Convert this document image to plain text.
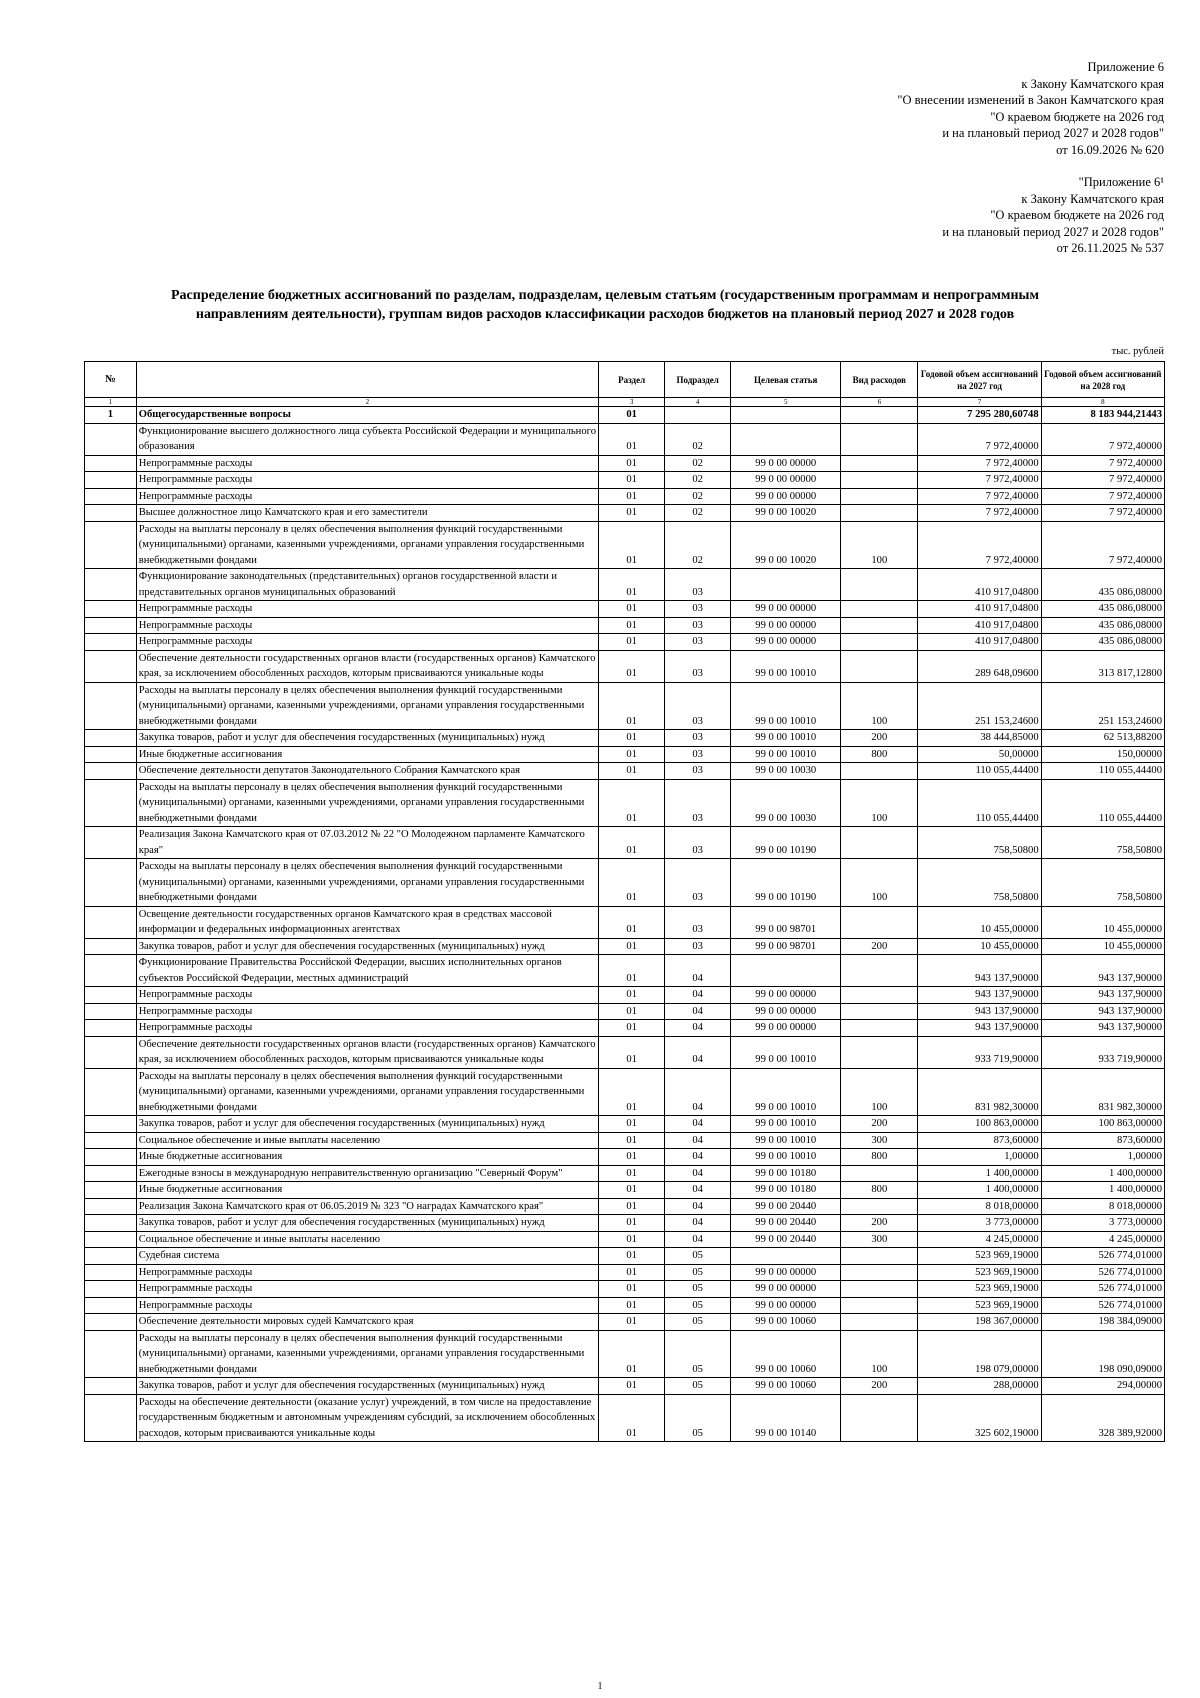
Приложение 6
к Закону Камчатского края
"О внесении изменений в Закон Камчатского края
"О краевом бюджете на 2026 год
и на плановый период 2027 и 2028 годов"
от 16.09.2026 № 620
"Приложение 6¹
к Закону Камчатского края
"О краевом бюджете на 2026 год
и на плановый период 2027 и 2028 годов"
от 26.11.2025 № 537
Распределение бюджетных ассигнований по разделам, подразделам, целевым статьям (государственным программам и непрограммным
направлениям деятельности), группам видов расходов классификации расходов бюджетов на плановый период 2027 и 2028 годов
тыс. рублей
№		Раздел	Подраздел	Целевая статья	Вид расходов	Годовой объем ассигнований на 2027 год	Годовой объем ассигнований на 2028 год
1	2	3	4	5	6	7	8
1	Общегосударственные вопросы	01				7 295 280,60748	8 183 944,21443
	Функционирование высшего должностного лица субъекта Российской Федерации и муниципального образования	01	02			7 972,40000	7 972,40000
	Непрограммные расходы	01	02	99 0 00 00000		7 972,40000	7 972,40000
	Непрограммные расходы	01	02	99 0 00 00000		7 972,40000	7 972,40000
	Непрограммные расходы	01	02	99 0 00 00000		7 972,40000	7 972,40000
	Высшее должностное лицо Камчатского края и его заместители	01	02	99 0 00 10020		7 972,40000	7 972,40000
	Расходы на выплаты персоналу в целях обеспечения выполнения функций государственными (муниципальными) органами, казенными учреждениями, органами управления государственными внебюджетными фондами	01	02	99 0 00 10020	100	7 972,40000	7 972,40000
	Функционирование законодательных (представительных) органов государственной власти и представительных органов муниципальных образований	01	03			410 917,04800	435 086,08000
	Непрограммные расходы	01	03	99 0 00 00000		410 917,04800	435 086,08000
	Непрограммные расходы	01	03	99 0 00 00000		410 917,04800	435 086,08000
	Непрограммные расходы	01	03	99 0 00 00000		410 917,04800	435 086,08000
	Обеспечение деятельности государственных органов власти (государственных органов) Камчатского края, за исключением обособленных расходов, которым присваиваются уникальные коды	01	03	99 0 00 10010		289 648,09600	313 817,12800
	Расходы на выплаты персоналу в целях обеспечения выполнения функций государственными (муниципальными) органами, казенными учреждениями, органами управления государственными внебюджетными фондами	01	03	99 0 00 10010	100	251 153,24600	251 153,24600
	Закупка товаров, работ и услуг для обеспечения государственных (муниципальных) нужд	01	03	99 0 00 10010	200	38 444,85000	62 513,88200
	Иные бюджетные ассигнования	01	03	99 0 00 10010	800	50,00000	150,00000
	Обеспечение деятельности депутатов Законодательного Собрания Камчатского края	01	03	99 0 00 10030		110 055,44400	110 055,44400
	Расходы на выплаты персоналу в целях обеспечения выполнения функций государственными (муниципальными) органами, казенными учреждениями, органами управления государственными внебюджетными фондами	01	03	99 0 00 10030	100	110 055,44400	110 055,44400
	Реализация Закона Камчатского края от 07.03.2012 № 22 "О Молодежном парламенте Камчатского края"	01	03	99 0 00 10190		758,50800	758,50800
	Расходы на выплаты персоналу в целях обеспечения выполнения функций государственными (муниципальными) органами, казенными учреждениями, органами управления государственными внебюджетными фондами	01	03	99 0 00 10190	100	758,50800	758,50800
	Освещение деятельности государственных органов Камчатского края в средствах массовой информации и федеральных информационных агентствах	01	03	99 0 00 98701		10 455,00000	10 455,00000
	Закупка товаров, работ и услуг для обеспечения государственных (муниципальных) нужд	01	03	99 0 00 98701	200	10 455,00000	10 455,00000
	Функционирование Правительства Российской Федерации, высших исполнительных органов субъектов Российской Федерации, местных администраций	01	04			943 137,90000	943 137,90000
	Непрограммные расходы	01	04	99 0 00 00000		943 137,90000	943 137,90000
	Непрограммные расходы	01	04	99 0 00 00000		943 137,90000	943 137,90000
	Непрограммные расходы	01	04	99 0 00 00000		943 137,90000	943 137,90000
	Обеспечение деятельности государственных органов власти (государственных органов) Камчатского края, за исключением обособленных расходов, которым присваиваются уникальные коды	01	04	99 0 00 10010		933 719,90000	933 719,90000
	Расходы на выплаты персоналу в целях обеспечения выполнения функций государственными (муниципальными) органами, казенными учреждениями, органами управления государственными внебюджетными фондами	01	04	99 0 00 10010	100	831 982,30000	831 982,30000
	Закупка товаров, работ и услуг для обеспечения государственных (муниципальных) нужд	01	04	99 0 00 10010	200	100 863,00000	100 863,00000
	Социальное обеспечение и иные выплаты населению	01	04	99 0 00 10010	300	873,60000	873,60000
	Иные бюджетные ассигнования	01	04	99 0 00 10010	800	1,00000	1,00000
	Ежегодные взносы в международную неправительственную организацию "Северный Форум"	01	04	99 0 00 10180		1 400,00000	1 400,00000
	Иные бюджетные ассигнования	01	04	99 0 00 10180	800	1 400,00000	1 400,00000
	Реализация Закона Камчатского края от 06.05.2019 № 323 "О наградах Камчатского края"	01	04	99 0 00 20440		8 018,00000	8 018,00000
	Закупка товаров, работ и услуг для обеспечения государственных (муниципальных) нужд	01	04	99 0 00 20440	200	3 773,00000	3 773,00000
	Социальное обеспечение и иные выплаты населению	01	04	99 0 00 20440	300	4 245,00000	4 245,00000
	Судебная система	01	05			523 969,19000	526 774,01000
	Непрограммные расходы	01	05	99 0 00 00000		523 969,19000	526 774,01000
	Непрограммные расходы	01	05	99 0 00 00000		523 969,19000	526 774,01000
	Непрограммные расходы	01	05	99 0 00 00000		523 969,19000	526 774,01000
	Обеспечение деятельности мировых судей Камчатского края	01	05	99 0 00 10060		198 367,00000	198 384,09000
	Расходы на выплаты персоналу в целях обеспечения выполнения функций государственными (муниципальными) органами, казенными учреждениями, органами управления государственными внебюджетными фондами	01	05	99 0 00 10060	100	198 079,00000	198 090,09000
	Закупка товаров, работ и услуг для обеспечения государственных (муниципальных) нужд	01	05	99 0 00 10060	200	288,00000	294,00000
	Расходы на обеспечение деятельности (оказание услуг) учреждений, в том числе на предоставление государственным бюджетным и автономным учреждениям субсидий, за исключением обособленных расходов, которым присваиваются уникальные коды	01	05	99 0 00 10140		325 602,19000	328 389,92000
1
